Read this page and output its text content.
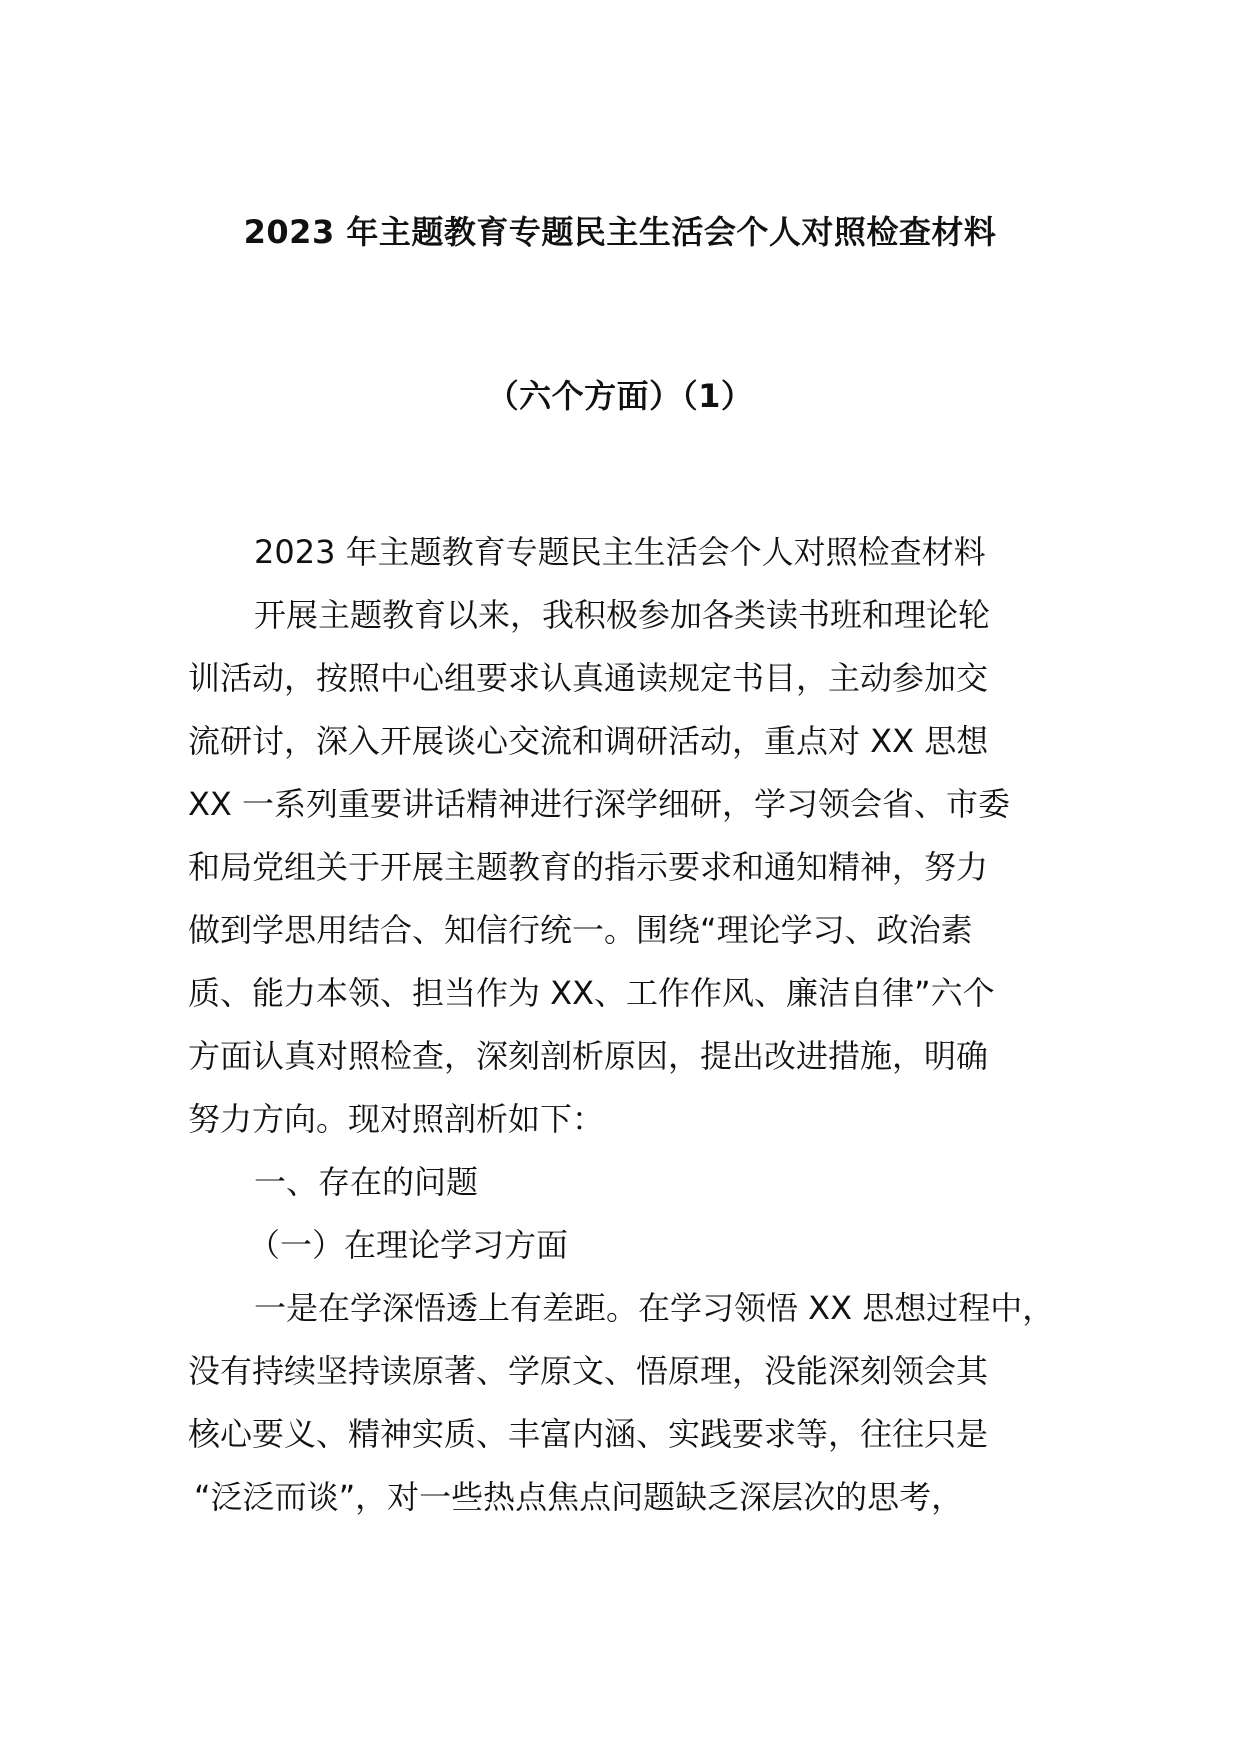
2023 年主题教育专题民主生活会个人对照检查材料
（六个方面）（1）
2023 年主题教育专题民主生活会个人对照检查材料
开展主题教育以来，我积极参加各类读书班和理论轮
训活动，按照中心组要求认真通读规定书目，主动参加交
流研讨，深入开展谈心交流和调研活动，重点对 XX 思想
XX 一系列重要讲话精神进行深学细研，学习领会省、市委
和局党组关于开展主题教育的指示要求和通知精神，努力
做到学思用结合、知信行统一。围绕“理论学习、政治素
质、能力本领、担当作为 XX、工作作风、廉洁自律”六个
方面认真对照检查，深刻剖析原因，提出改进措施，明确
努力方向。现对照剖析如下：
一、存在的问题
（一）在理论学习方面
一是在学深悟透上有差距。在学习领悟 XX 思想过程中，
没有持续坚持读原著、学原文、悟原理，没能深刻领会其
核心要义、精神实质、丰富内涵、实践要求等，往往只是
“泛泛而谈”，对一些热点焦点问题缺乏深层次的思考，
